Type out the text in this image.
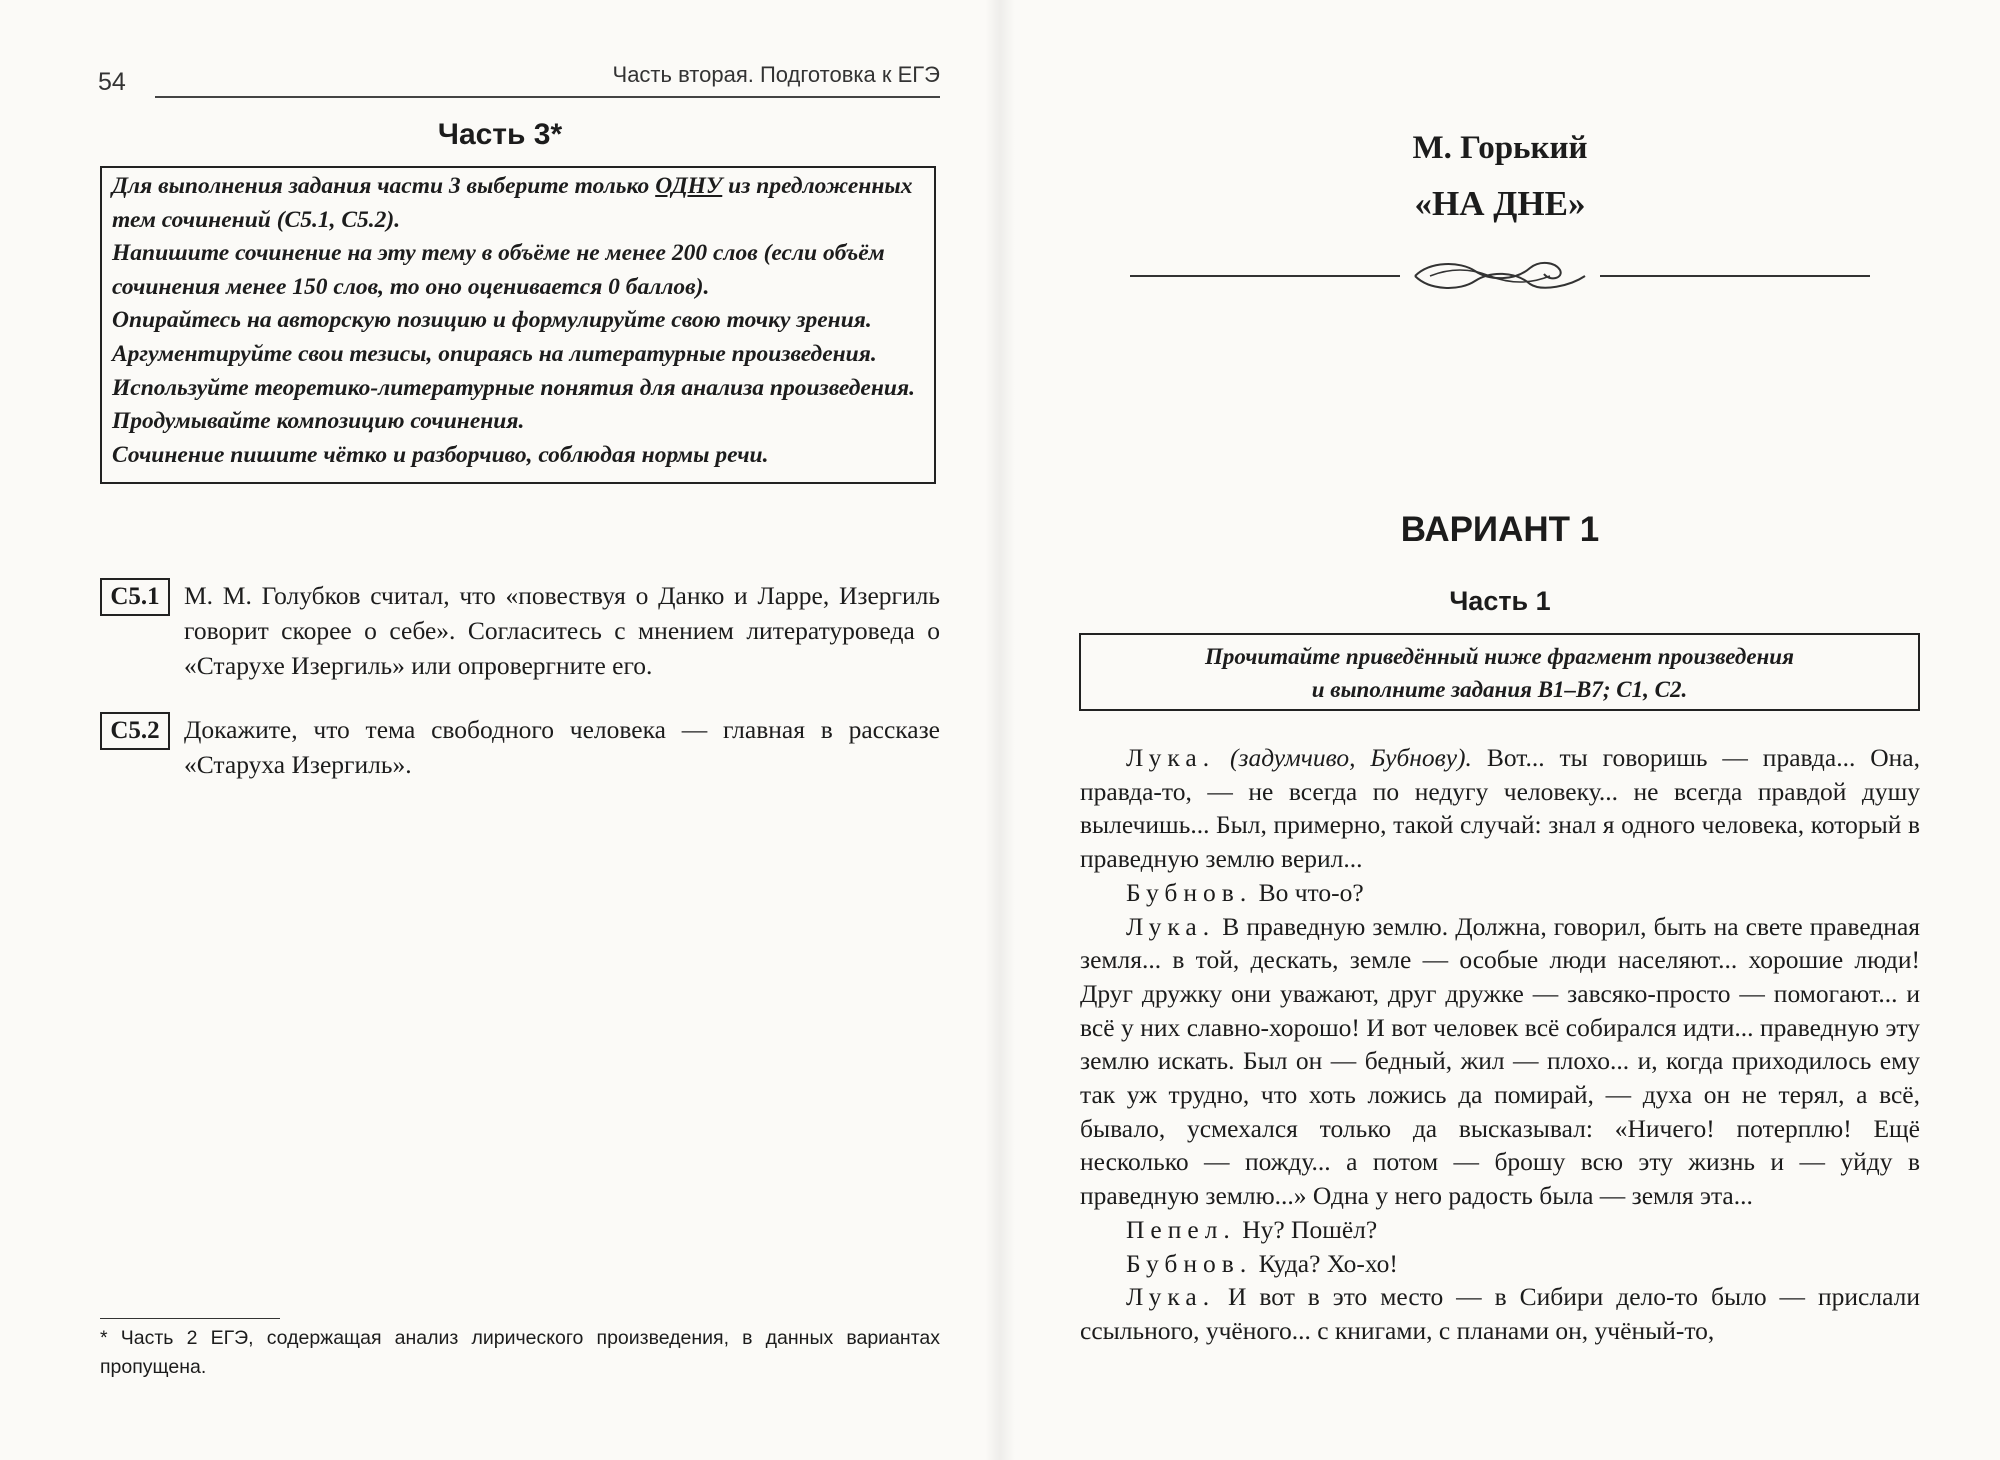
54	Часть вторая. Подготовка к ЕГЭ
Часть 3*

Для выполнения задания части 3 выберите только ОДНУ из предложенных тем сочинений (С5.1, С5.2).

Напишите сочинение на эту тему в объёме не менее 200 слов (если объём сочинения менее 150 слов, то оно оценивается 0 баллов).

Опирайтесь на авторскую позицию и формулируйте свою точку зрения.

Аргументируйте свои тезисы, опираясь на литературные произведения.

Используйте теоретико-литературные понятия для анализа произведения.

Продумывайте композицию сочинения.

Сочинение пишите чётко и разборчиво, соблюдая нормы речи.

С5.1 М. М. Голубков считал, что «повествуя о Данко и Ларре, Изергиль говорит скорее о себе». Согласитесь с мнением литературоведа о «Старухе Изергиль» или опровергните его.
С5.2 Докажите, что тема свободного человека — главная в рассказе «Старуха Изергиль».
* Часть 2 ЕГЭ, содержащая анализ лирического произведения, в данных вариантах пропущена.
М. Горький
«НА ДНЕ»
ВАРИАНТ 1
Часть 1

Прочитайте приведённый ниже фрагмент произведения

и выполните задания В1–В7; С1, С2.

Лука. (задумчиво, Бубнову). Вот... ты говоришь — правда... Она, правда-то, — не всегда по недугу человеку... не всегда правдой душу вылечишь... Был, примерно, такой случай: знал я одного человека, который в праведную землю верил...

Бубнов. Во что-о?

Лука. В праведную землю. Должна, говорил, быть на свете праведная земля... в той, дескать, земле — особые люди населяют... хорошие люди! Друг дружку они уважают, друг дружке — завсяко-просто — помогают... и всё у них славно-хорошо! И вот человек всё собирался идти... праведную эту землю искать. Был он — бедный, жил — плохо... и, когда приходилось ему так уж трудно, что хоть ложись да помирай, — духа он не терял, а всё, бывало, усмехался только да высказывал: «Ничего! потерплю! Ещё несколько — пожду... а потом — брошу всю эту жизнь и — уйду в праведную землю...» Одна у него радость была — земля эта...

Пепел. Ну? Пошёл?

Бубнов. Куда? Хо-хо!

Лука. И вот в это место — в Сибири дело-то было — прислали ссыльного, учёного... с книгами, с планами он, учёный-то,
